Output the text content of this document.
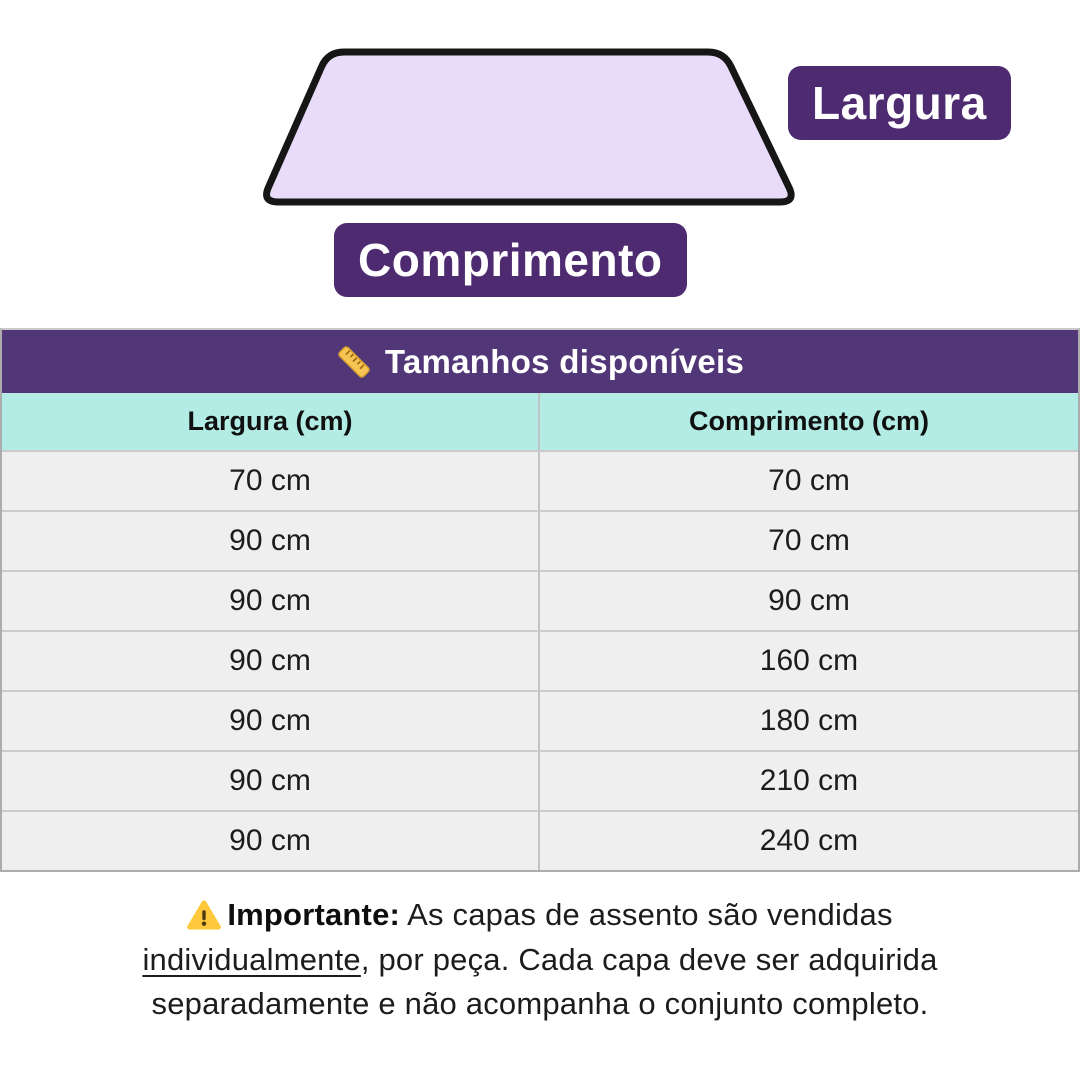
Largura
Comprimento
Tamanhos disponíveis
Largura (cm)	Comprimento (cm)
70 cm	70 cm
90 cm	70 cm
90 cm	90 cm
90 cm	160 cm
90 cm	180 cm
90 cm	210 cm
90 cm	240 cm
Importante: As capas de assento são vendidas individualmente, por peça. Cada capa deve ser adquirida separadamente e não acompanha o conjunto completo.
